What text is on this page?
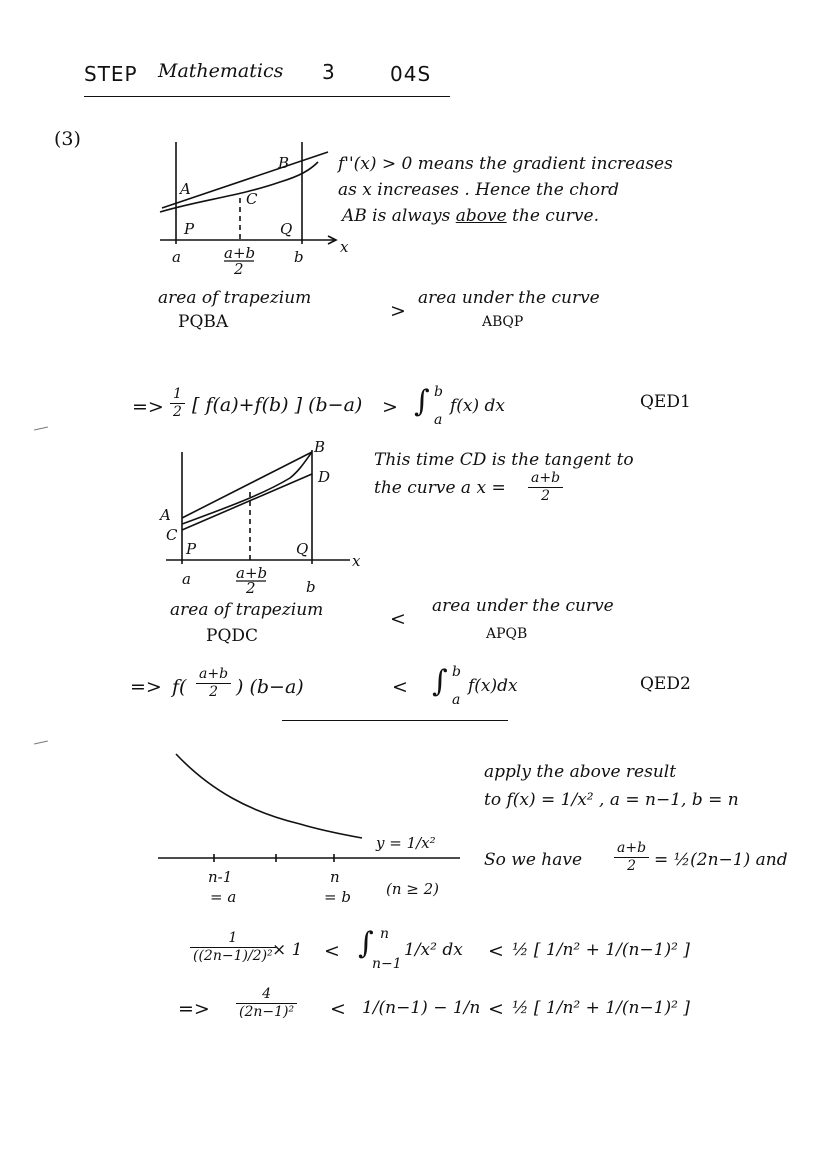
STEP Mathematics 3	04S
(3)
A
B
C
P	Q
a	b
x
a+b
2
f''(x) > 0 means the gradient increases
as x increases . Hence the chord
AB is always above the curve.
area of trapezium
PQBA	>
area under the curve
ABQP
=> $\frac{1}{2}$ [ f(a)+f(b) ] (b−a) > ∫ b
a
f(x) dx	QED1
A
C
B
D
P	Q
a	b
x
a+b
2
This time CD is the tangent to
the curve a $x = \frac{a+b}{2}$
area of trapezium
PQDC
<
area under the curve
APQB
=> $f( \frac{a+b}{2}$ ) (b−a)	< ∫ b
a
f(x)dx	QED2
n-1
= a
n
= b
y = 1/x²
(n ≥ 2)
apply the above result
to f(x) = 1/x² , a = n−1, b = n
So we have $\frac{a+b}{2}$ = ½(2n−1) and
$\frac{1}{\text{((2n−1)/2)²}}$
× 1 < ∫ n
n−1
1/x² dx < ½ [ 1/n² + 1/(n−1)² ]
=> $\frac{4}{\text{(2n−1)²}} < 1/(n-1) - 1/n$ < ½ [ 1/n² + 1/(n−1)² ]
